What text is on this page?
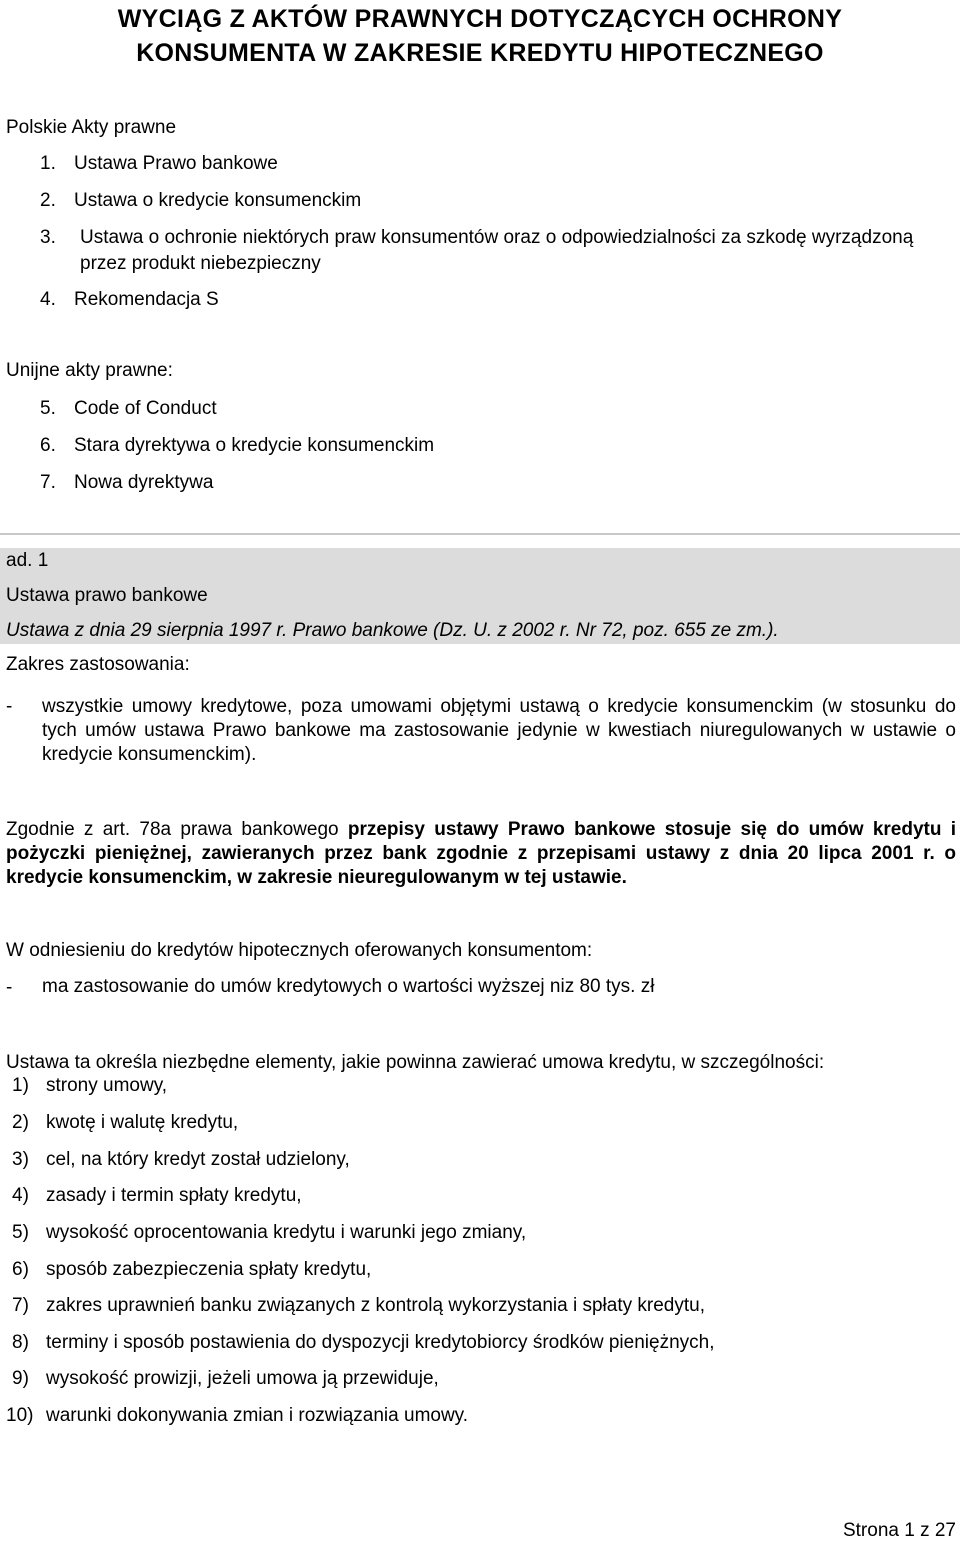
WYCIĄG Z AKTÓW PRAWNYCH DOTYCZĄCYCH OCHRONY
KONSUMENTA W ZAKRESIE KREDYTU HIPOTECZNEGO
Polskie Akty prawne
1. Ustawa Prawo bankowe
2. Ustawa o kredycie konsumenckim
3. Ustawa o ochronie niektórych praw konsumentów oraz o odpowiedzialności za szkodę wyrządzoną przez produkt niebezpieczny
4. Rekomendacja S
Unijne akty prawne:
5. Code of Conduct
6. Stara dyrektywa o kredycie konsumenckim
7. Nowa dyrektywa
ad. 1
Ustawa prawo bankowe
Ustawa z dnia 29 sierpnia 1997 r. Prawo bankowe (Dz. U. z 2002 r. Nr 72, poz. 655 ze zm.).
Zakres zastosowania:
- wszystkie umowy kredytowe, poza umowami objętymi ustawą o kredycie konsumenckim (w stosunku do tych umów ustawa Prawo bankowe ma zastosowanie jedynie w kwestiach niuregulowanych w ustawie o kredycie konsumenckim).
Zgodnie z art. 78a prawa bankowego przepisy ustawy Prawo bankowe stosuje się do umów kredytu i pożyczki pieniężnej, zawieranych przez bank zgodnie z przepisami ustawy z dnia 20 lipca 2001 r. o kredycie konsumenckim, w zakresie nieuregulowanym w tej ustawie.
W odniesieniu do kredytów hipotecznych oferowanych konsumentom:
- ma zastosowanie do umów kredytowych o wartości wyższej niz 80 tys. zł
Ustawa ta określa niezbędne elementy, jakie powinna zawierać umowa kredytu, w szczególności:
1) strony umowy,
2) kwotę i walutę kredytu,
3) cel, na który kredyt został udzielony,
4) zasady i termin spłaty kredytu,
5) wysokość oprocentowania kredytu i warunki jego zmiany,
6) sposób zabezpieczenia spłaty kredytu,
7) zakres uprawnień banku związanych z kontrolą wykorzystania i spłaty kredytu,
8) terminy i sposób postawienia do dyspozycji kredytobiorcy środków pieniężnych,
9) wysokość prowizji, jeżeli umowa ją przewiduje,
10) warunki dokonywania zmian i rozwiązania umowy.
Strona 1 z 27
